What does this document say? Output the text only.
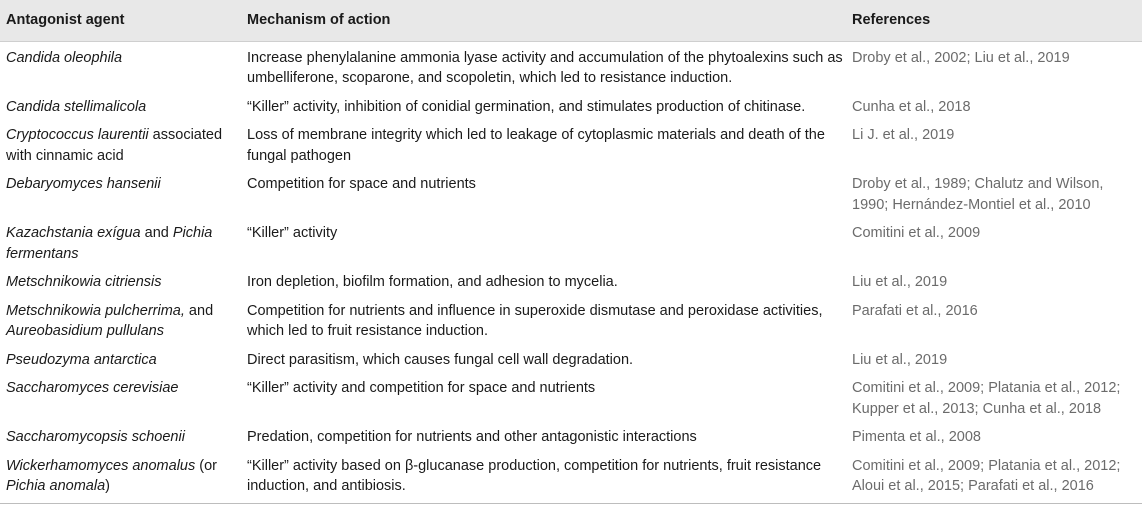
Antagonist agent	Mechanism of action	References
Candida oleophila	Increase phenylalanine ammonia lyase activity and accumulation of the phytoalexins such as umbelliferone, scoparone, and scopoletin, which led to resistance induction.	Droby et al., 2002; Liu et al., 2019
Candida stellimalicola	“Killer” activity, inhibition of conidial germination, and stimulates production of chitinase.	Cunha et al., 2018
Cryptococcus laurentii associated with cinnamic acid	Loss of membrane integrity which led to leakage of cytoplasmic materials and death of the fungal pathogen	Li J. et al., 2019
Debaryomyces hansenii	Competition for space and nutrients	Droby et al., 1989; Chalutz and Wilson, 1990; Hernández-Montiel et al., 2010
Kazachstania exígua and Pichia fermentans	“Killer” activity	Comitini et al., 2009
Metschnikowia citriensis	Iron depletion, biofilm formation, and adhesion to mycelia.	Liu et al., 2019
Metschnikowia pulcherrima, and Aureobasidium pullulans	Competition for nutrients and influence in superoxide dismutase and peroxidase activities, which led to fruit resistance induction.	Parafati et al., 2016
Pseudozyma antarctica	Direct parasitism, which causes fungal cell wall degradation.	Liu et al., 2019
Saccharomyces cerevisiae	“Killer” activity and competition for space and nutrients	Comitini et al., 2009; Platania et al., 2012; Kupper et al., 2013; Cunha et al., 2018
Saccharomycopsis schoenii	Predation, competition for nutrients and other antagonistic interactions	Pimenta et al., 2008
Wickerhamomyces anomalus (or Pichia anomala)	“Killer” activity based on β-glucanase production, competition for nutrients, fruit resistance induction, and antibiosis.	Comitini et al., 2009; Platania et al., 2012; Aloui et al., 2015; Parafati et al., 2016
